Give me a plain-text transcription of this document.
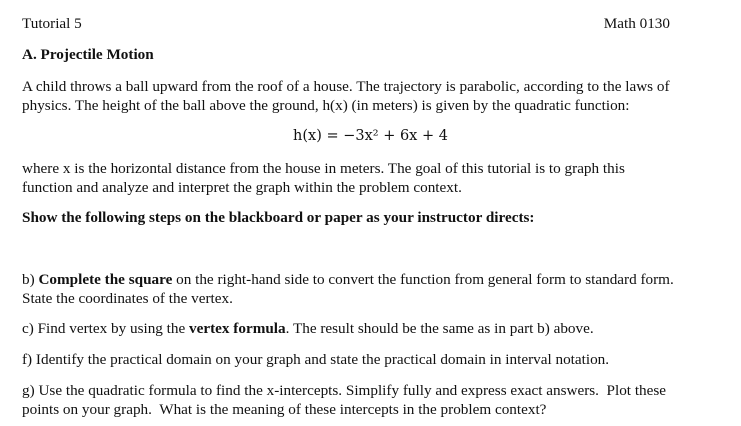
Tutorial 5	Math 0130
A. Projectile Motion
A child throws a ball upward from the roof of a house. The trajectory is parabolic, according to the laws of
physics. The height of the ball above the ground, h(x) (in meters) is given by the quadratic function:
h(x) = −3x² + 6x + 4
where x is the horizontal distance from the house in meters. The goal of this tutorial is to graph this
function and analyze and interpret the graph within the problem context.
Show the following steps on the blackboard or paper as your instructor directs:
b) Complete the square on the right-hand side to convert the function from general form to standard form.
State the coordinates of the vertex.
c) Find vertex by using the vertex formula. The result should be the same as in part b) above.
f) Identify the practical domain on your graph and state the practical domain in interval notation.
g) Use the quadratic formula to find the x-intercepts. Simplify fully and express exact answers.  Plot these
points on your graph.  What is the meaning of these intercepts in the problem context?
